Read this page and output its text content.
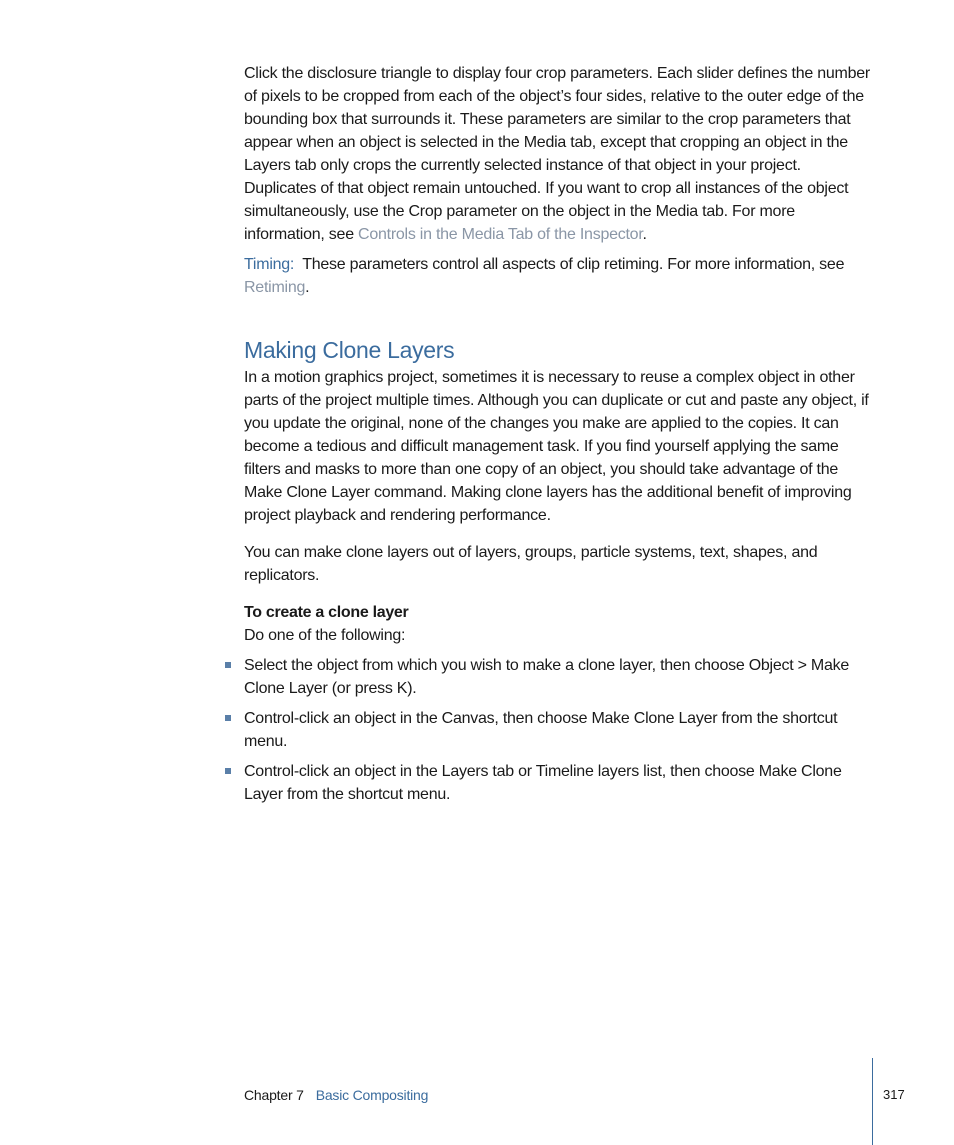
Click the disclosure triangle to display four crop parameters. Each slider defines the number of pixels to be cropped from each of the object’s four sides, relative to the outer edge of the bounding box that surrounds it. These parameters are similar to the crop parameters that appear when an object is selected in the Media tab, except that cropping an object in the Layers tab only crops the currently selected instance of that object in your project. Duplicates of that object remain untouched. If you want to crop all instances of the object simultaneously, use the Crop parameter on the object in the Media tab. For more information, see Controls in the Media Tab of the Inspector.

Timing:  These parameters control all aspects of clip retiming. For more information, see Retiming.

Making Clone Layers

In a motion graphics project, sometimes it is necessary to reuse a complex object in other parts of the project multiple times. Although you can duplicate or cut and paste any object, if you update the original, none of the changes you make are applied to the copies. It can become a tedious and difficult management task. If you find yourself applying the same filters and masks to more than one copy of an object, you should take advantage of the Make Clone Layer command. Making clone layers has the additional benefit of improving project playback and rendering performance.

You can make clone layers out of layers, groups, particle systems, text, shapes, and replicators.

To create a clone layer

Do one of the following:

Select the object from which you wish to make a clone layer, then choose Object > Make Clone Layer (or press K).

Control-click an object in the Canvas, then choose Make Clone Layer from the shortcut menu.

Control-click an object in the Layers tab or Timeline layers list, then choose Make Clone Layer from the shortcut menu.

Chapter 7 Basic Compositing	317
